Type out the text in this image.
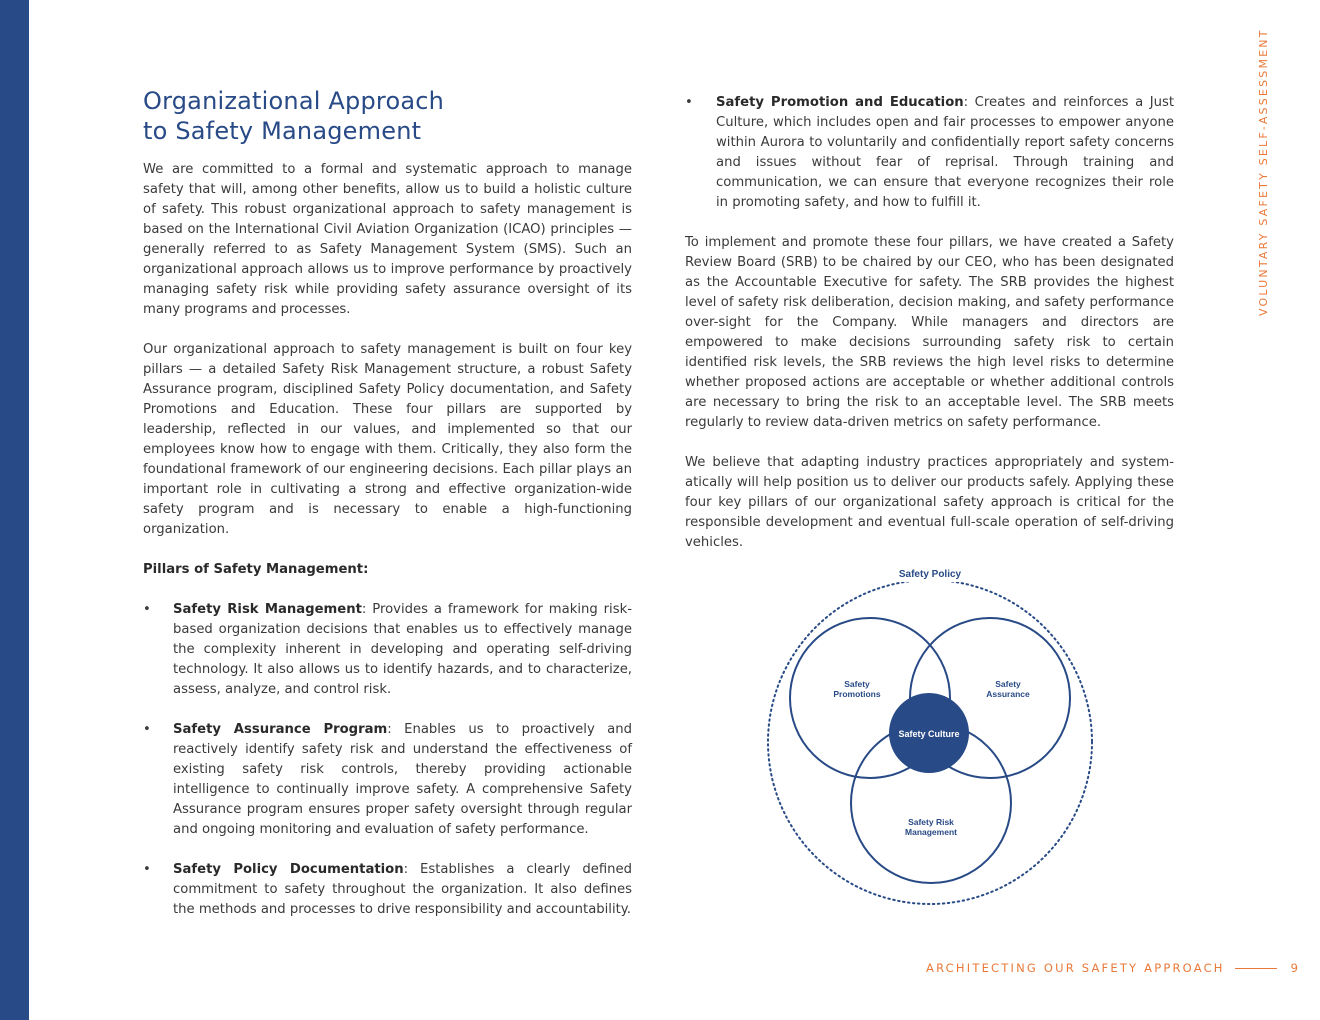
VOLUNTARY SAFETY SELF-ASSESSMENT
Organizational Approach
to Safety Management

We are committed to a formal and systematic approach to manage safety that will, among other benefits, allow us to build a holistic culture of safety. This robust organizational approach to safety management is based on the International Civil Aviation Organization (ICAO) principles — generally referred to as Safety Management System (SMS). Such an organizational approach allows us to improve performance by proactively managing safety risk while providing safety assurance oversight of its many programs and processes.

Our organizational approach to safety management is built on four key pillars — a detailed Safety Risk Management structure, a robust Safety Assurance program, disciplined Safety Policy documentation, and Safety Promotions and Education. These four pillars are supported by leadership, reflected in our values, and implemented so that our employees know how to engage with them. Critically, they also form the foundational framework of our engineering decisions. Each pillar plays an important role in cultivating a strong and effective organization-wide safety program and is necessary to enable a high-functioning organization.

Pillars of Safety Management:
• Safety Risk Management: Provides a framework for making risk-based organization decisions that enables us to effectively manage the complexity inherent in developing and operating self-driving technology. It also allows us to identify hazards, and to characterize, assess, analyze, and control risk.
• Safety Assurance Program: Enables us to proactively and reactively identify safety risk and understand the effectiveness of existing safety risk controls, thereby providing actionable intelligence to continually improve safety. A comprehensive Safety Assurance program ensures proper safety oversight through regular and ongoing monitoring and evaluation of safety performance.
• Safety Policy Documentation: Establishes a clearly defined commitment to safety throughout the organization. It also defines the methods and processes to drive responsibility and accountability.
• Safety Promotion and Education: Creates and reinforces a Just Culture, which includes open and fair processes to empower anyone within Aurora to voluntarily and confidentially report safety concerns and issues without fear of reprisal. Through training and communication, we can ensure that everyone recognizes their role in promoting safety, and how to fulfill it.

To implement and promote these four pillars, we have created a Safety Review Board (SRB) to be chaired by our CEO, who has been designated as the Accountable Executive for safety. The SRB provides the highest level of safety risk deliberation, decision making, and safety performance over-sight for the Company. While managers and directors are empowered to make decisions surrounding safety risk to certain identified risk levels, the SRB reviews the high level risks to determine whether proposed actions are acceptable or whether additional controls are necessary to bring the risk to an acceptable level. The SRB meets regularly to review data-driven metrics on safety performance.

We believe that adapting industry practices appropriately and system-atically will help position us to deliver our products safely. Applying these four key pillars of our organizational safety approach is critical for the responsible development and eventual full-scale operation of self-driving vehicles.

Safety Policy
Safety
Promotions
Safety
Assurance
Safety Risk
Management
Safety Culture
ARCHITECTING OUR SAFETY APPROACH	9
